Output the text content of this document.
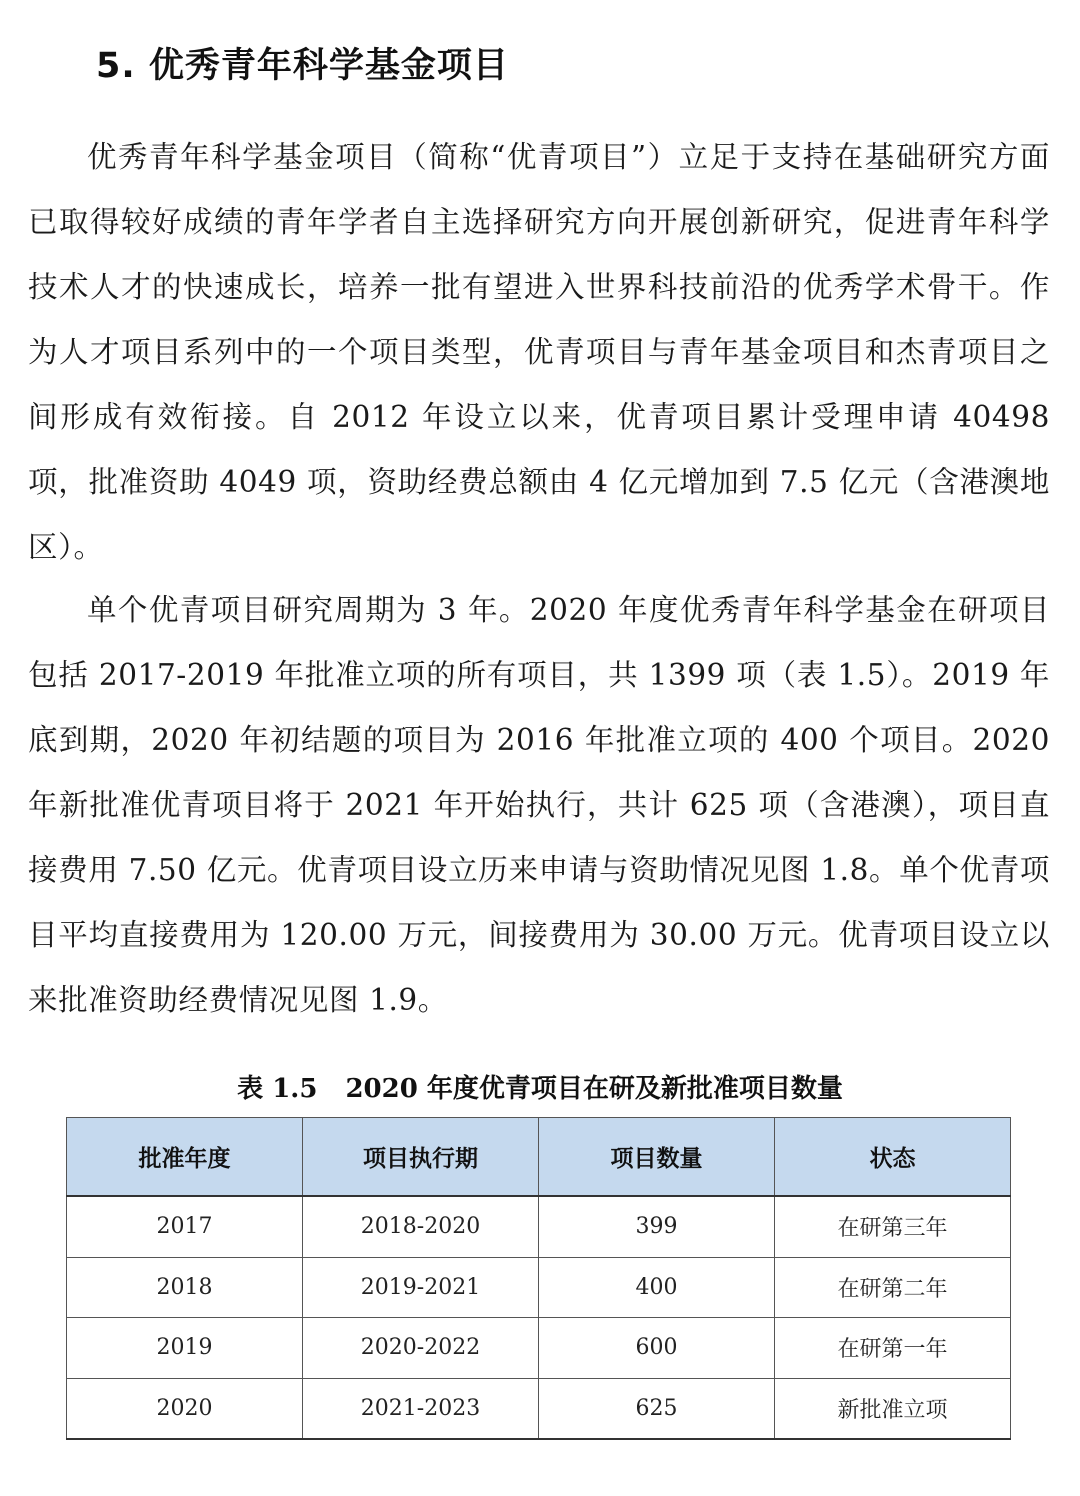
5. 优秀青年科学基金项目

优秀青年科学基金项目（简称“优青项目”）立足于支持在基础研究方面已取得较好成绩的青年学者自主选择研究方向开展创新研究，促进青年科学技术人才的快速成长，培养一批有望进入世界科技前沿的优秀学术骨干。作为人才项目系列中的一个项目类型，优青项目与青年基金项目和杰青项目之间形成有效衔接。自 2012 年设立以来，优青项目累计受理申请 40498 项，批准资助 4049 项，资助经费总额由 4 亿元增加到 7.5 亿元（含港澳地区）。

单个优青项目研究周期为 3 年。2020 年度优秀青年科学基金在研项目包括 2017-2019 年批准立项的所有项目，共 1399 项（表 1.5）。2019 年底到期，2020 年初结题的项目为 2016 年批准立项的 400 个项目。2020 年新批准优青项目将于 2021 年开始执行，共计 625 项（含港澳），项目直接费用 7.50 亿元。优青项目设立历来申请与资助情况见图 1.8。单个优青项目平均直接费用为 120.00 万元，间接费用为 30.00 万元。优青项目设立以来批准资助经费情况见图 1.9。

表 1.5 2020 年度优青项目在研及新批准项目数量
批准年度	项目执行期	项目数量	状态
2017	2018-2020	399	在研第三年
2018	2019-2021	400	在研第二年
2019	2020-2022	600	在研第一年
2020	2021-2023	625	新批准立项
